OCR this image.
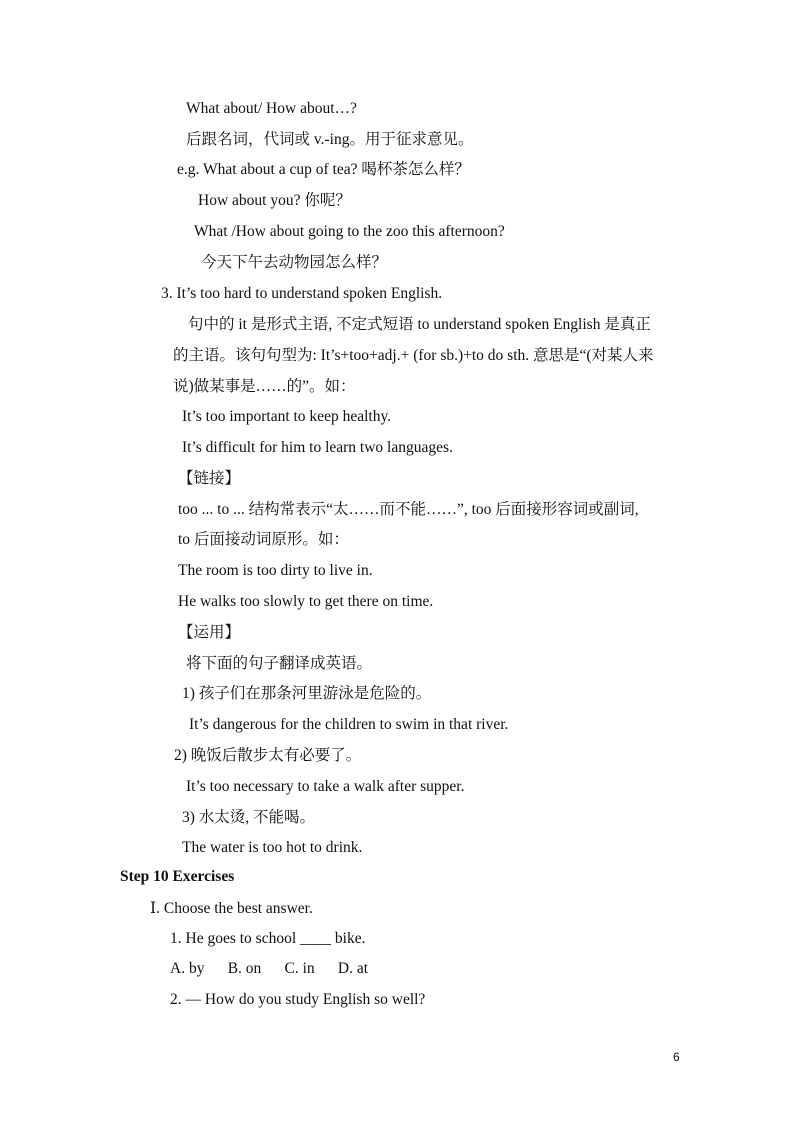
What about/ How about…?
后跟名词，代词或 v.-ing。用于征求意见。
e.g. What about a cup of tea? 喝杯茶怎么样？
How about you? 你呢？
What /How about going to the zoo this afternoon?
今天下午去动物园怎么样？
3. It’s too hard to understand spoken English.
句中的 it 是形式主语, 不定式短语 to understand spoken English 是真正
的主语。该句句型为: It’s+too+adj.+ (for sb.)+to do sth. 意思是“(对某人来
说)做某事是……的”。如：
It’s too important to keep healthy.
It’s difficult for him to learn two languages.
【链接】
too ... to ... 结构常表示“太……而不能……”, too 后面接形容词或副词,
to 后面接动词原形。如：
The room is too dirty to live in.
He walks too slowly to get there on time.
【运用】
将下面的句子翻译成英语。
1) 孩子们在那条河里游泳是危险的。
It’s dangerous for the children to swim in that river.
2) 晚饭后散步太有必要了。
It’s too necessary to take a walk after supper.
3) 水太烫, 不能喝。
The water is too hot to drink.
Step 10 Exercises
Ⅰ. Choose the best answer.
1. He goes to school ____ bike.
A. by      B. on      C. in      D. at
2. — How do you study English so well?
6
